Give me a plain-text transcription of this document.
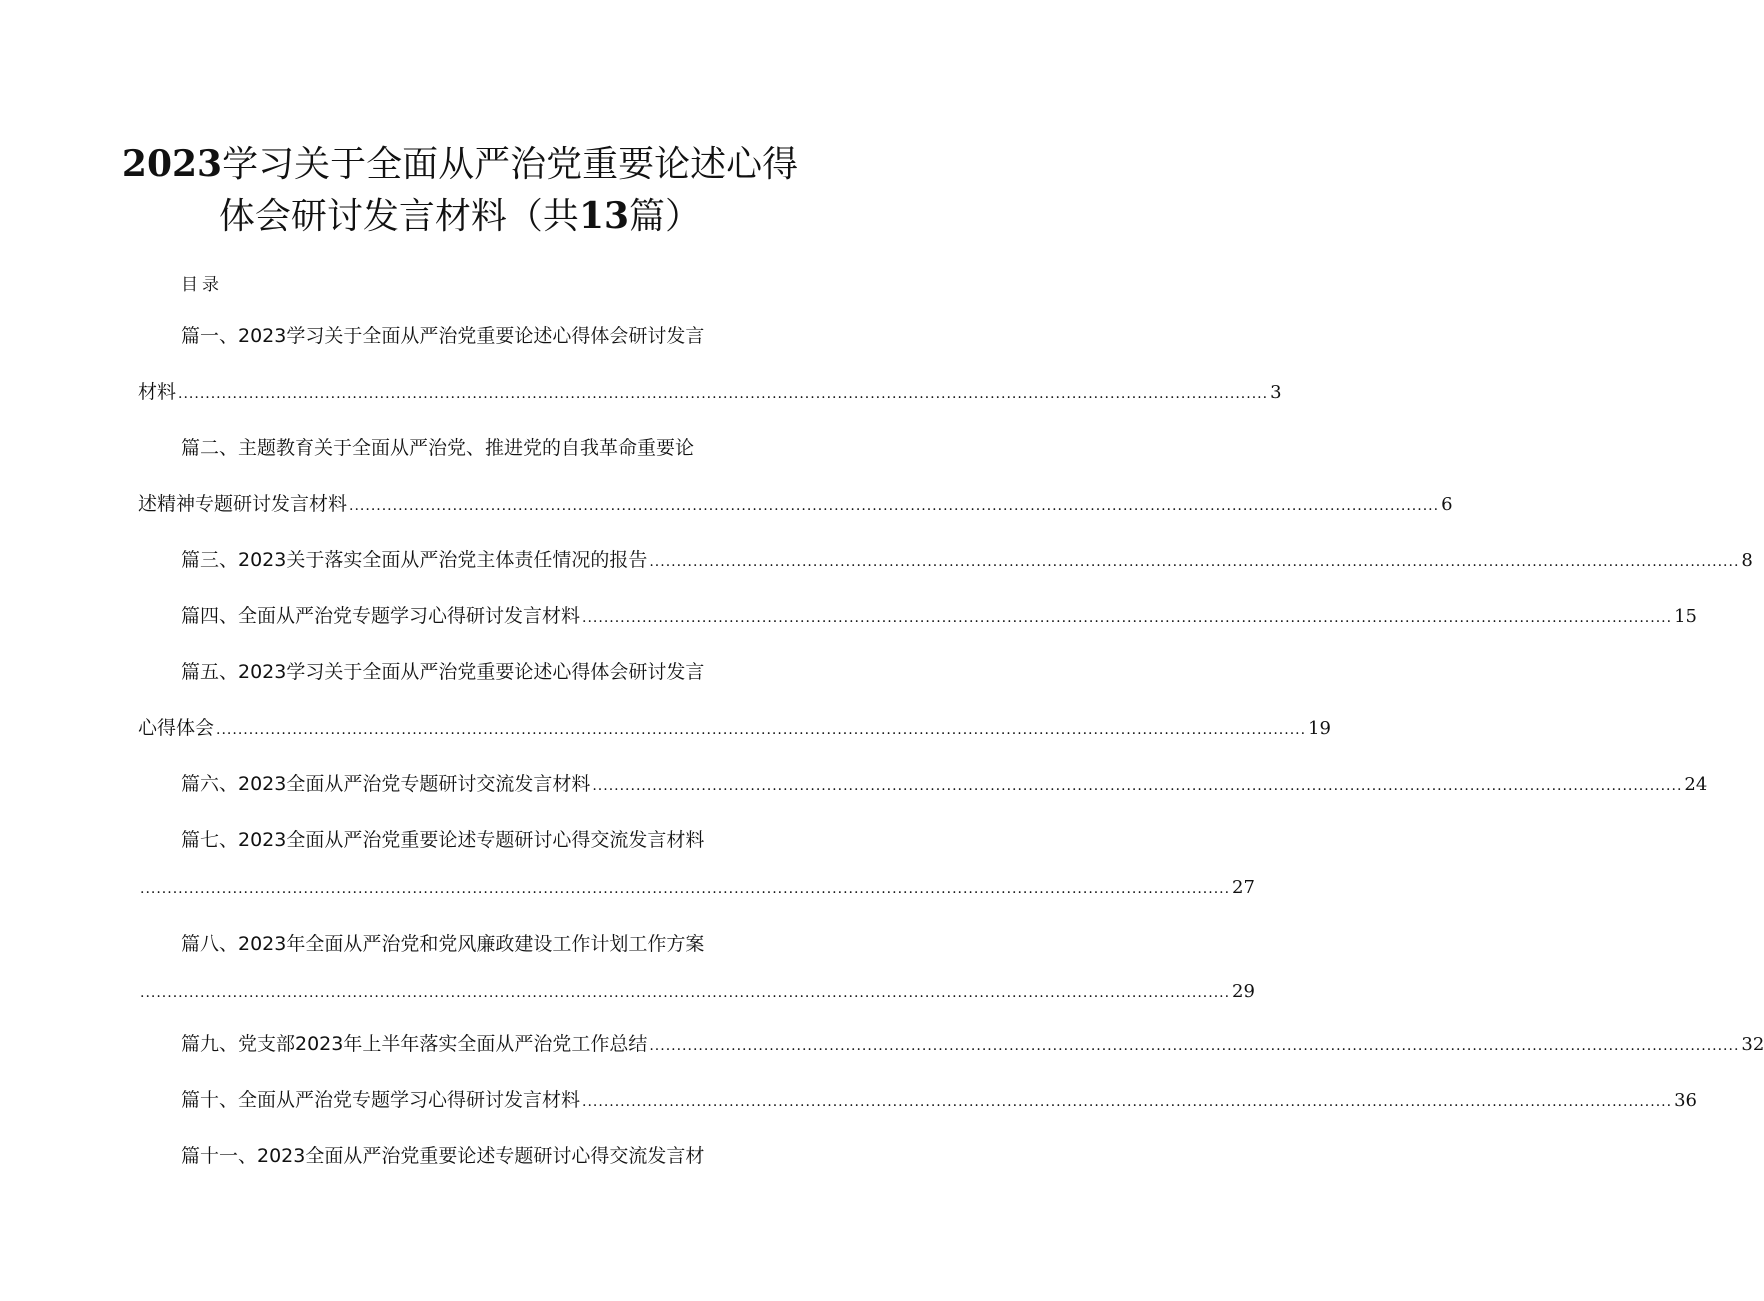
2023学习关于全面从严治党重要论述心得
体会研讨发言材料（共13篇）
目录
篇一、2023学习关于全面从严治党重要论述心得体会研讨发言
材料 ........................................................................................................................................................................................................ 3
篇二、主题教育关于全面从严治党、推进党的自我革命重要论
述精神专题研讨发言材料 ........................................................................................................................................................................................................ 6
篇三、2023关于落实全面从严治党主体责任情况的报告 ........................................................................................................................................................................................................ 8
篇四、全面从严治党专题学习心得研讨发言材料 ........................................................................................................................................................................................................ 15
篇五、2023学习关于全面从严治党重要论述心得体会研讨发言
心得体会 ........................................................................................................................................................................................................ 19
篇六、2023全面从严治党专题研讨交流发言材料 ........................................................................................................................................................................................................ 24
篇七、2023全面从严治党重要论述专题研讨心得交流发言材料
........................................................................................................................................................................................................ 27
篇八、2023年全面从严治党和党风廉政建设工作计划工作方案
........................................................................................................................................................................................................ 29
篇九、党支部2023年上半年落实全面从严治党工作总结 ........................................................................................................................................................................................................ 32
篇十、全面从严治党专题学习心得研讨发言材料 ........................................................................................................................................................................................................ 36
篇十一、2023全面从严治党重要论述专题研讨心得交流发言材
